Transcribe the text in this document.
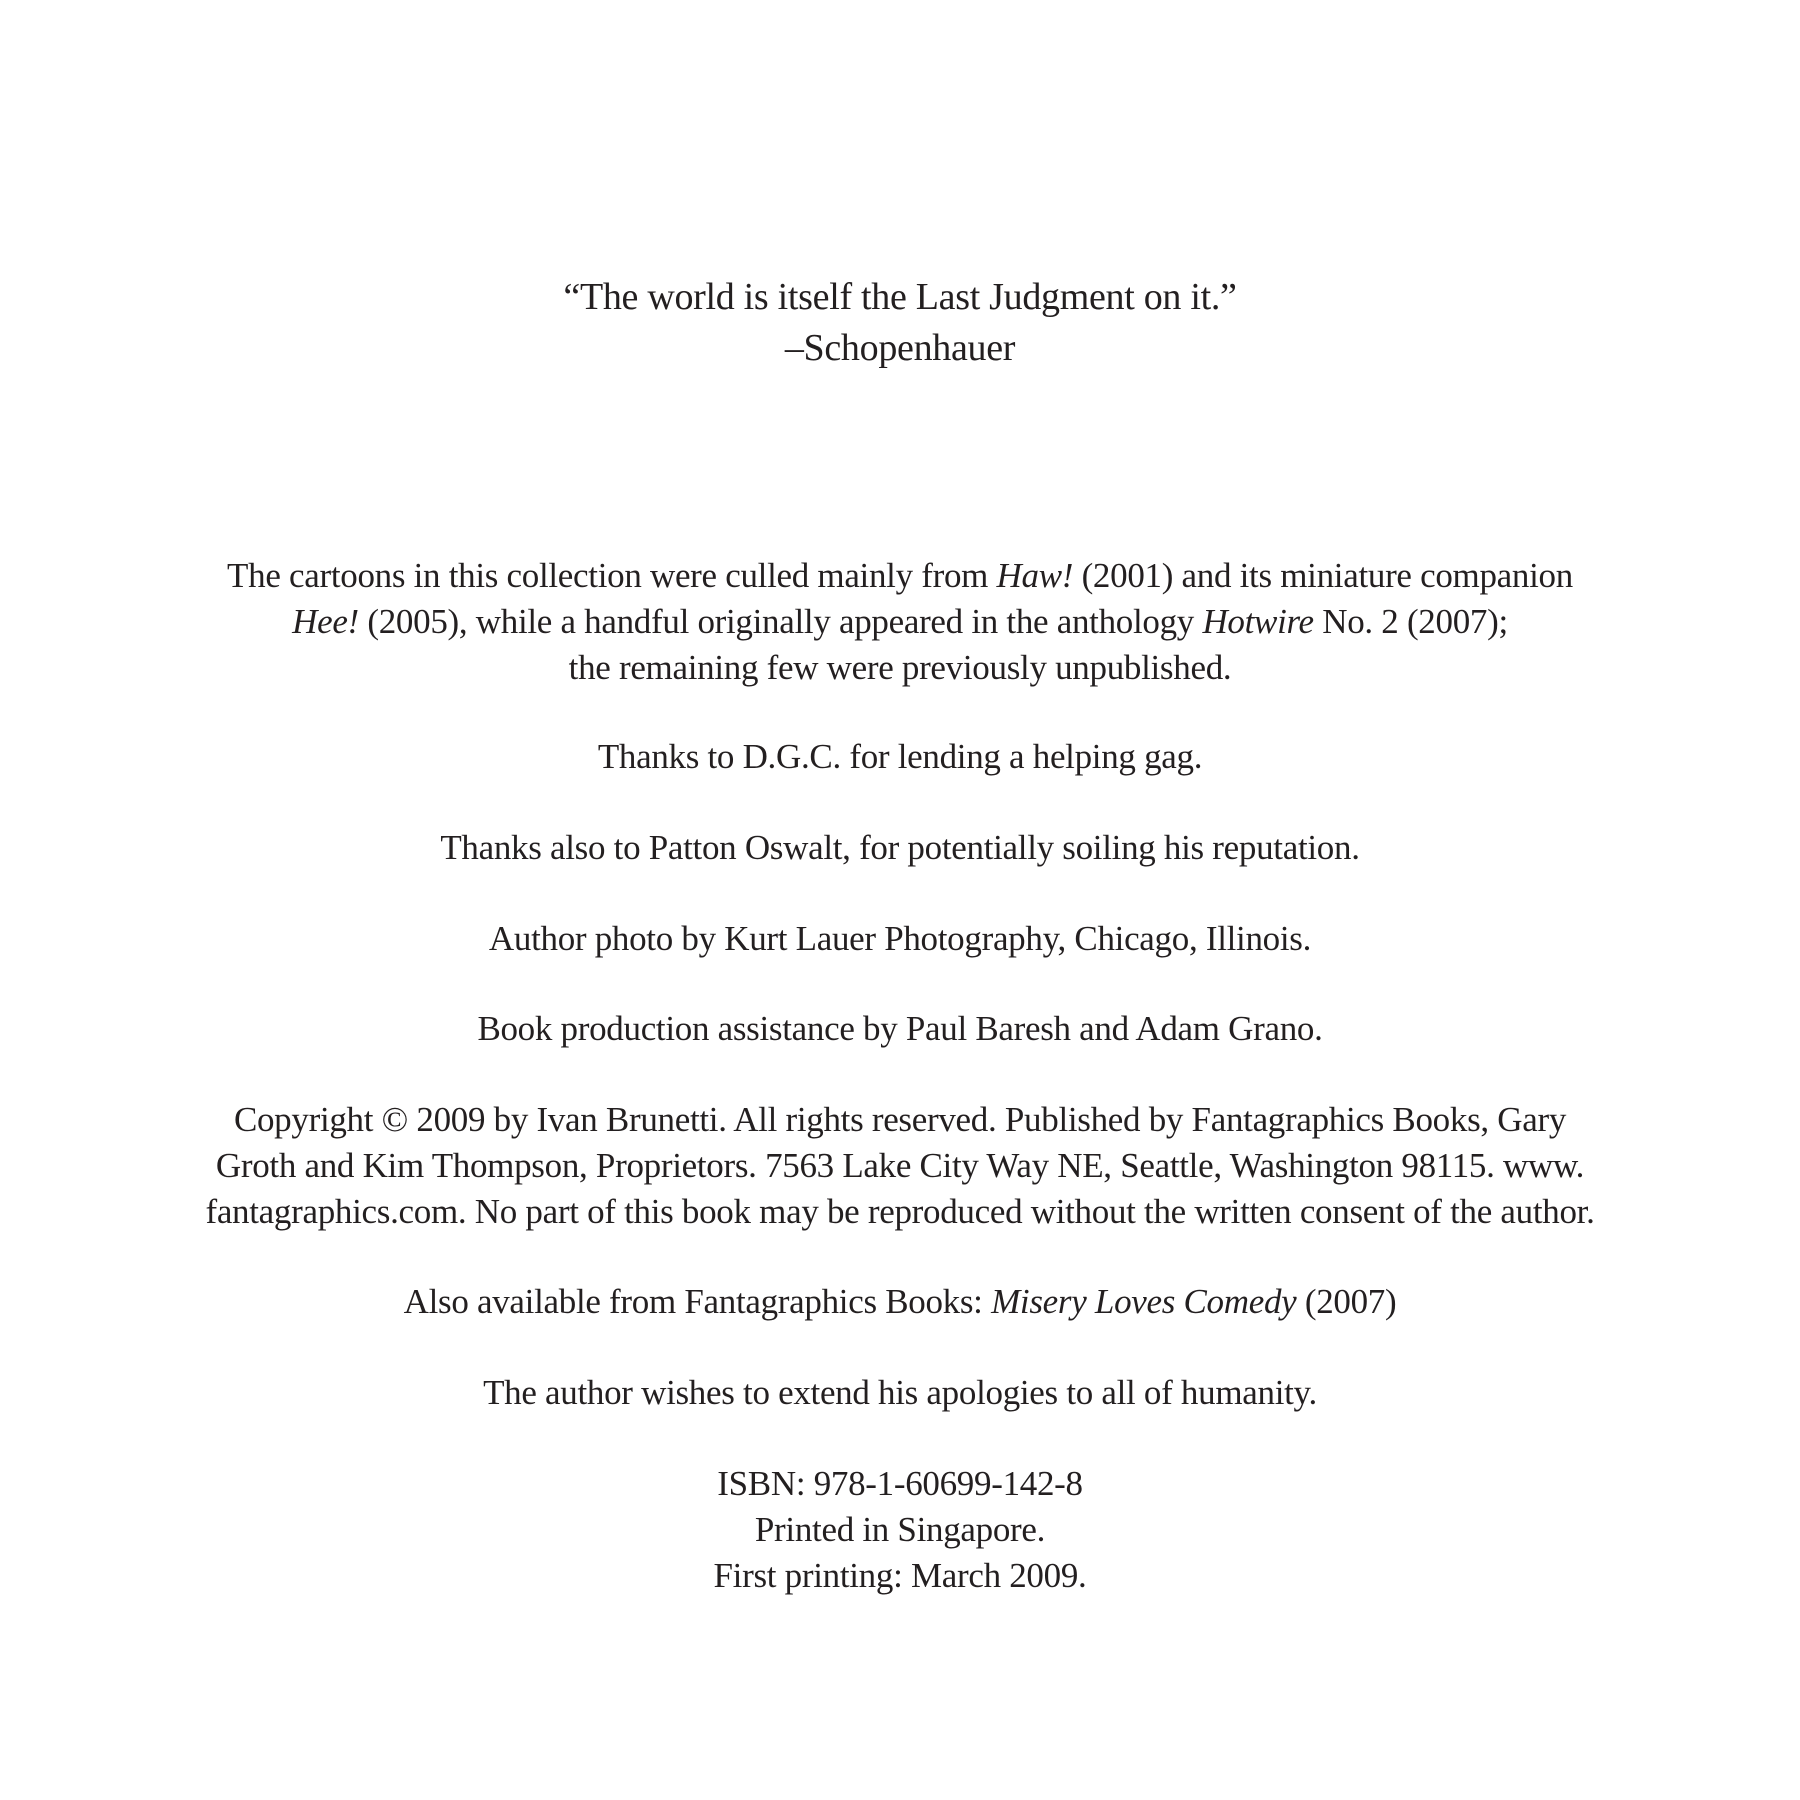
“The world is itself the Last Judgment on it.”
–Schopenhauer
The cartoons in this collection were culled mainly from Haw! (2001) and its miniature companion
Hee! (2005), while a handful originally appeared in the anthology Hotwire No. 2 (2007);
the remaining few were previously unpublished.
Thanks to D.G.C. for lending a helping gag.
Thanks also to Patton Oswalt, for potentially soiling his reputation.
Author photo by Kurt Lauer Photography, Chicago, Illinois.
Book production assistance by Paul Baresh and Adam Grano.
Copyright © 2009 by Ivan Brunetti. All rights reserved. Published by Fantagraphics Books, Gary
Groth and Kim Thompson, Proprietors. 7563 Lake City Way NE, Seattle, Washington 98115. www.
fantagraphics.com. No part of this book may be reproduced without the written consent of the author.
Also available from Fantagraphics Books: Misery Loves Comedy (2007)
The author wishes to extend his apologies to all of humanity.
ISBN: 978-1-60699-142-8
Printed in Singapore.
First printing: March 2009.
